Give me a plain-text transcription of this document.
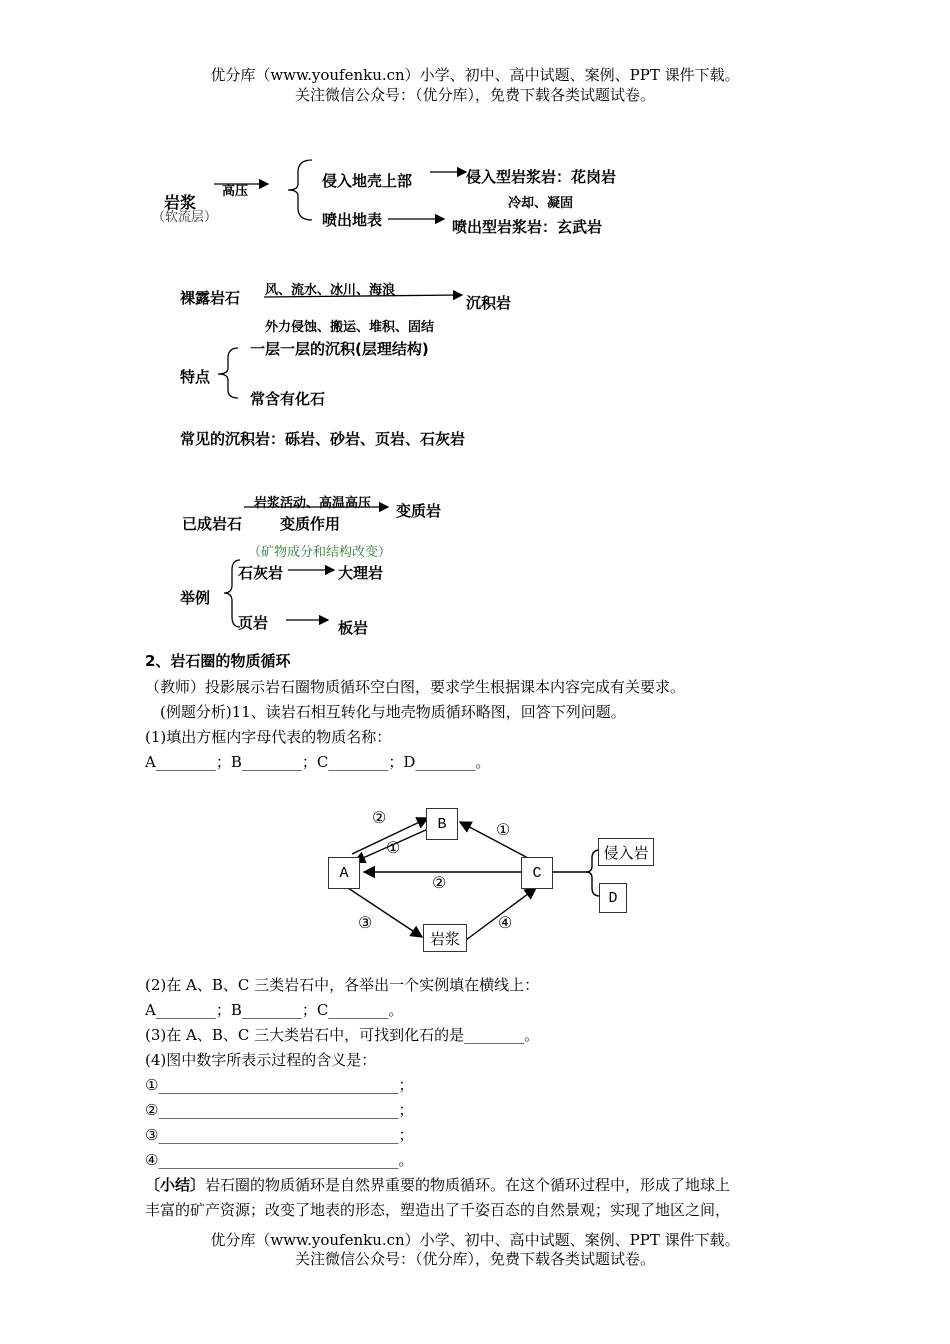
优分库（www.youfenku.cn）小学、初中、高中试题、案例、PPT 课件下载。
关注微信公众号：（优分库），免费下载各类试题试卷。
岩浆
（软流层）
高压
侵入地壳上部	侵入型岩浆岩：花岗岩
冷却、凝固
喷出地表	喷出型岩浆岩：玄武岩
裸露岩石 风、流水、冰川、海浪
沉积岩
外力侵蚀、搬运、堆积、固结
一层一层的沉积(层理结构)
特点
常含有化石
常见的沉积岩：砾岩、砂岩、页岩、石灰岩
岩浆活动、高温高压 变质岩
已成岩石	变质作用
（矿物成分和结构改变）
石灰岩	大理岩
举例
页岩	板岩
2、岩石圈的物质循环
（教师）投影展示岩石圈物质循环空白图，要求学生根据课本内容完成有关要求。
(例题分析)11、读岩石相互转化与地壳物质循环略图，回答下列问题。
(1)填出方框内字母代表的物质名称：
A________；B________；C________；D________。
A
B
C
D
岩浆
侵入岩
②
①
①
②
③	④
(2)在 A、B、C 三类岩石中，各举出一个实例填在横线上：
A________；B________；C________。
(3)在 A、B、C 三大类岩石中，可找到化石的是________。
(4)图中数字所表示过程的含义是：
①________________________________；
②________________________________；
③________________________________；
④________________________________。
〔小结〕岩石圈的物质循环是自然界重要的物质循环。在这个循环过程中，形成了地球上
丰富的矿产资源；改变了地表的形态，塑造出了千姿百态的自然景观；实现了地区之间，
优分库（www.youfenku.cn）小学、初中、高中试题、案例、PPT 课件下载。
关注微信公众号：（优分库），免费下载各类试题试卷。
